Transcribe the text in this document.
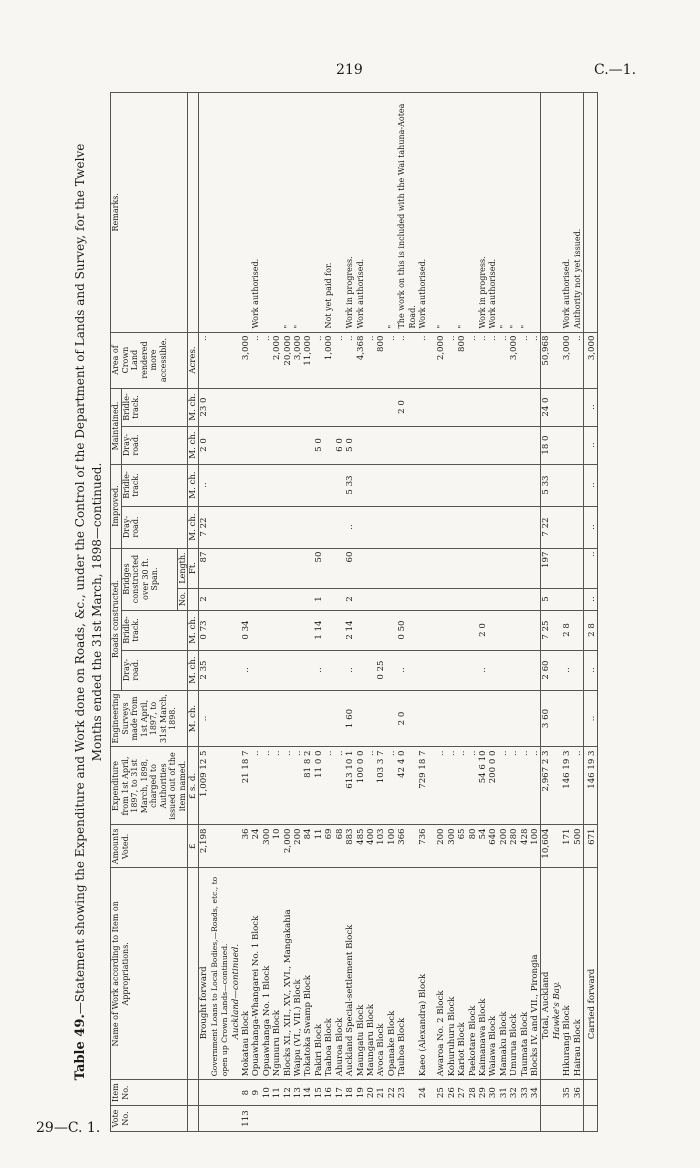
219	C.—1.
29—C. 1.
Table 49.—Statement showing the Expenditure and Work done on Roads, &c., under the Control of the Department of Lands and Survey, for the Twelve Months ended the 31st March, 1898—continued.
Vote No.	Item No.	Name of Work according to Item on Appropriations.	Amounts Voted.	Expenditure from 1st April, 1897, to 31st March, 1898, charged to Authorities issued out of the item named.	Engineering Surveys made from 1st April, 1897, to 31st March, 1898.	Roads constructed.				Improved.		Maintained.		Area of Crown Land rendered more accessible.	Remarks.
						Dray-road.	Bridle-track.	Bridges constructed over 30 ft. Span.		Dray-road.	Bridle-track.	Dray-road.	Bridle-track.		
								No.	Length.						
			£	£ s. d.	M. ch.	M. ch.	M. ch.		Ft.	M. ch.	M. ch.	M. ch.	M. ch.	Acres.	
		Brought forward	2,198	1,009 12 5	..	2 35	0 73	2	87	7 22	..	2 0	23 0	..	
		Government Loans to Local Bodies,—Roads, etc., to open up Crown Lands—continued.													
		Auckland—continued.													
113	8	Mokatau Block	36	21 18 7		..	0 34							3,000	
	9	Opuawhanga-Whangarei No. 1 Block	24	..										..	Work authorised.
	10	Opuawhanga No. 1 Block	300	..										..	
	11	Ngunuru Block	10	..										2,000	
	12	Blocks XI., XII., XV., XVI., Mangakahia	2,000	..										20,000	"
	13	Waipu (VI., VII.) Block	200	..										3,000	"
	14	Tokatoka Swamp Block	84	81 8 2										11,000	
	15	Pakiri Block	11	11 0 0		..	1 14	1	50			5 0		..	
	16	Taahoa Block	69	..										1,000	Not yet paid for.
	17	Ahuroa Block	68	..								6 0		..	
	18	Auckland Special-settlement Block	883	613 10 1	1 60	..	2 14	2	60	..	5 33	5 0		..	Work in progress.
	19	Maungatu Block	485	100 0 0										4,368	Work authorised.
	20	Maungaru Block	400	..										..	
	21	Avoca Block	103	103 3 7		0 25								800	
	22	Opanake Block	100	..										..	"
	23	Tauhoa Block	366	42 4 0	2 0	..	0 50						2 0	..	The work on this is included with the Wai tahuna-Aotea Road.
	24	Kaeo (Alexandra) Block	736	729 18 7										..	Work authorised.

	25	Awaroa No. 2 Block	200	..										2,000	"
	26	Kohuruhuru Block	300	..										..	
	27	Kariot Block	65	..										800	"
	28	Paekotare Block	80	..										..	
	29	Kaimanawa Block	54	54 6 10		..	2 0							..	Work in progress.
	30	Waiawa Block	640	200 0 0										..	Work authorised.
	31	Mamaku Block	200	..										..	"
	32	Umurua Block	280	..										3,000	"
	33	Taumata Block	428	..										..	"
	34	Blocks IV. and VII., Pirongia	100	..										..	
		Total, Auckland	10,604	2,967 2 3	3 60	2 60	7 25	5	197	7 22	5 33	18 0	24 0	50,968	
		Hawke's Bay.													
	35	Hikurangi Block	171	146 19 3		..	2 8							3,000	Work authorised.
	36	Hairau Block	500	..										..	Authority not yet issued.
		Carried forward	671	146 19 3	..	..	2 8	..	..	..	..	..	..	3,000	
